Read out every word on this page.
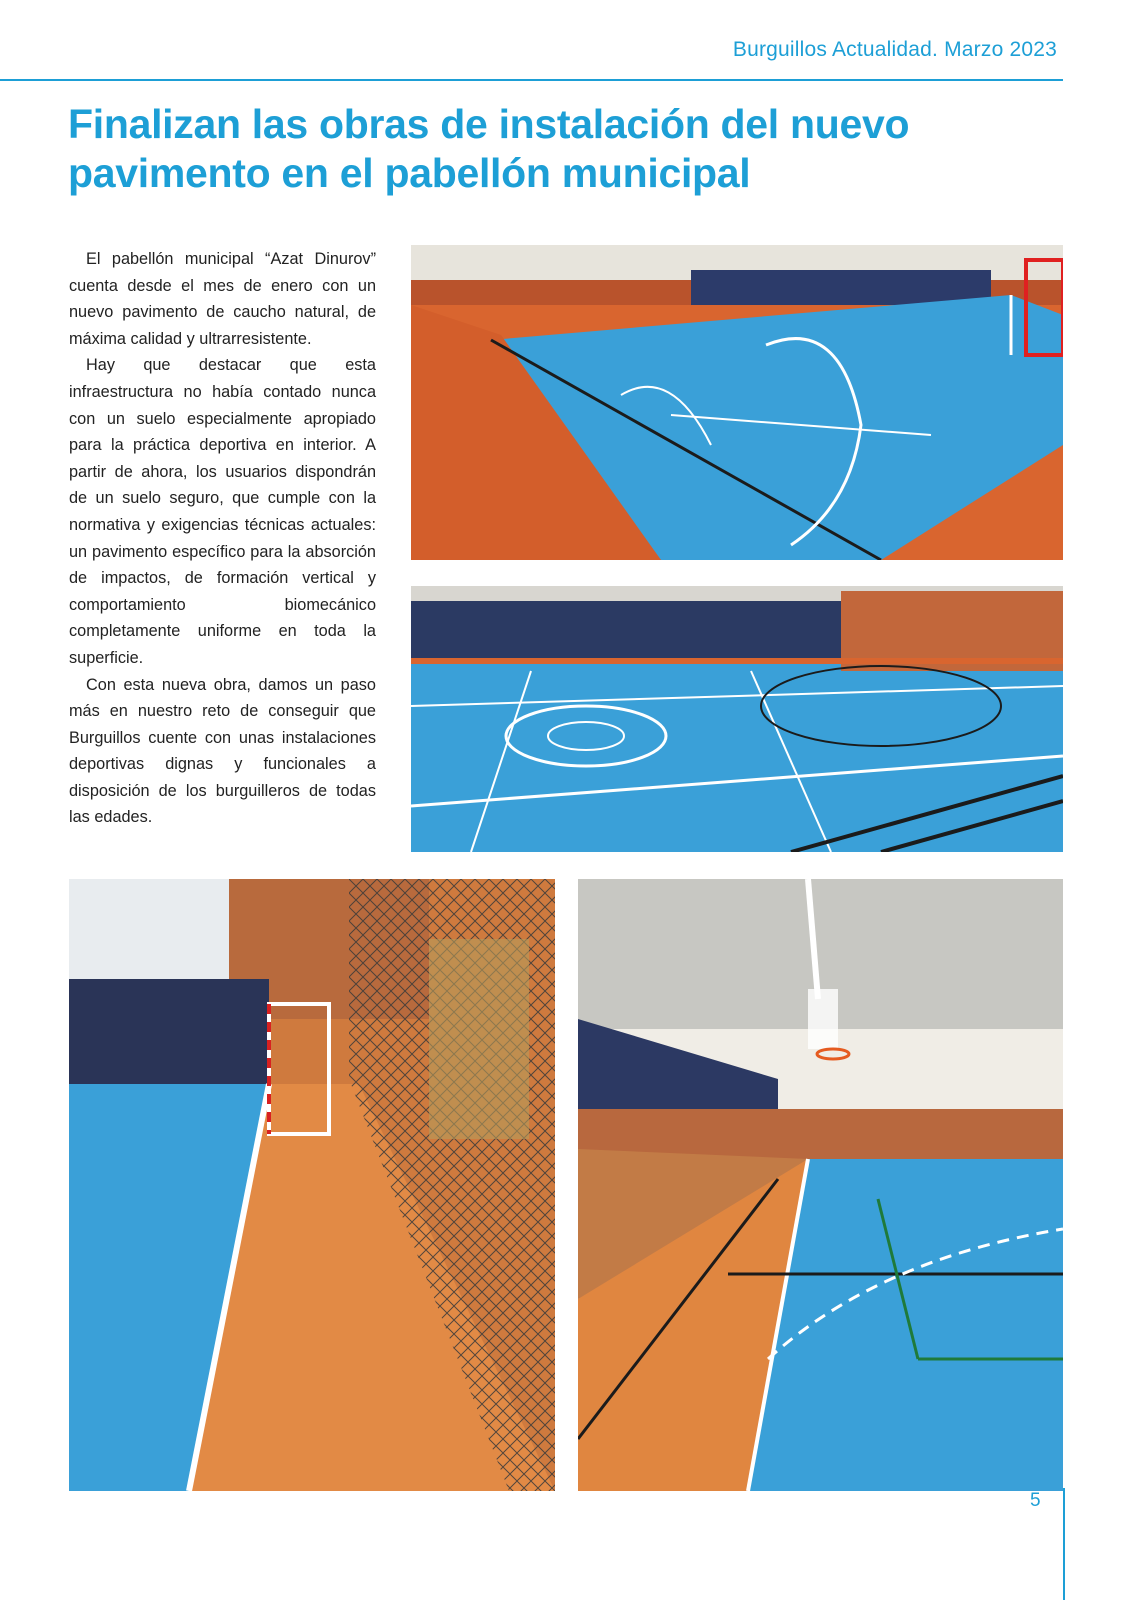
Burguillos Actualidad. Marzo 2023
Finalizan las obras de instalación del nuevo
pavimento en el pabellón municipal

El pabellón municipal “Azat Dinurov” cuenta desde el mes de enero con un nuevo pavimento de caucho natural, de máxima calidad y ultrarresistente.

Hay que destacar que esta infraestructura no había contado nunca con un suelo especialmente apropiado para la práctica deportiva en interior. A partir de ahora, los usuarios dispondrán de un suelo seguro, que cumple con la normativa y exigencias técnicas actuales: un pavimento específico para la absorción de impactos, de formación vertical y comportamiento biomecánico completamente uniforme en toda la superficie.

Con esta nueva obra, damos un paso más en nuestro reto de conseguir que Burguillos cuente con unas instalaciones deportivas dignas y funcionales a disposición de los burguilleros de todas las edades.

5
